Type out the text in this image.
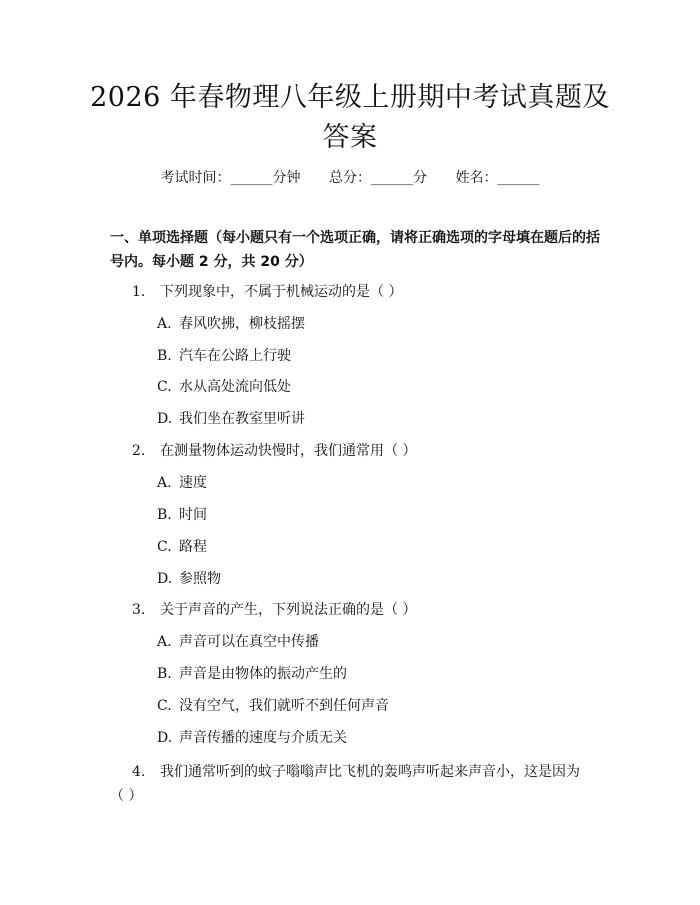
2026 年春物理八年级上册期中考试真题及答案
考试时间：______分钟 总分：______分 姓名：______
一、单项选择题（每小题只有一个选项正确，请将正确选项的字母填在题后的括号内。每小题 2 分，共 20 分）
1. 下列现象中，不属于机械运动的是（ ）
A. 春风吹拂，柳枝摇摆
B. 汽车在公路上行驶
C. 水从高处流向低处
D. 我们坐在教室里听讲
2. 在测量物体运动快慢时，我们通常用（ ）
A. 速度
B. 时间
C. 路程
D. 参照物
3. 关于声音的产生，下列说法正确的是（ ）
A. 声音可以在真空中传播
B. 声音是由物体的振动产生的
C. 没有空气，我们就听不到任何声音
D. 声音传播的速度与介质无关
4. 我们通常听到的蚊子嗡嗡声比飞机的轰鸣声听起来声音小，这是因为（ ）
